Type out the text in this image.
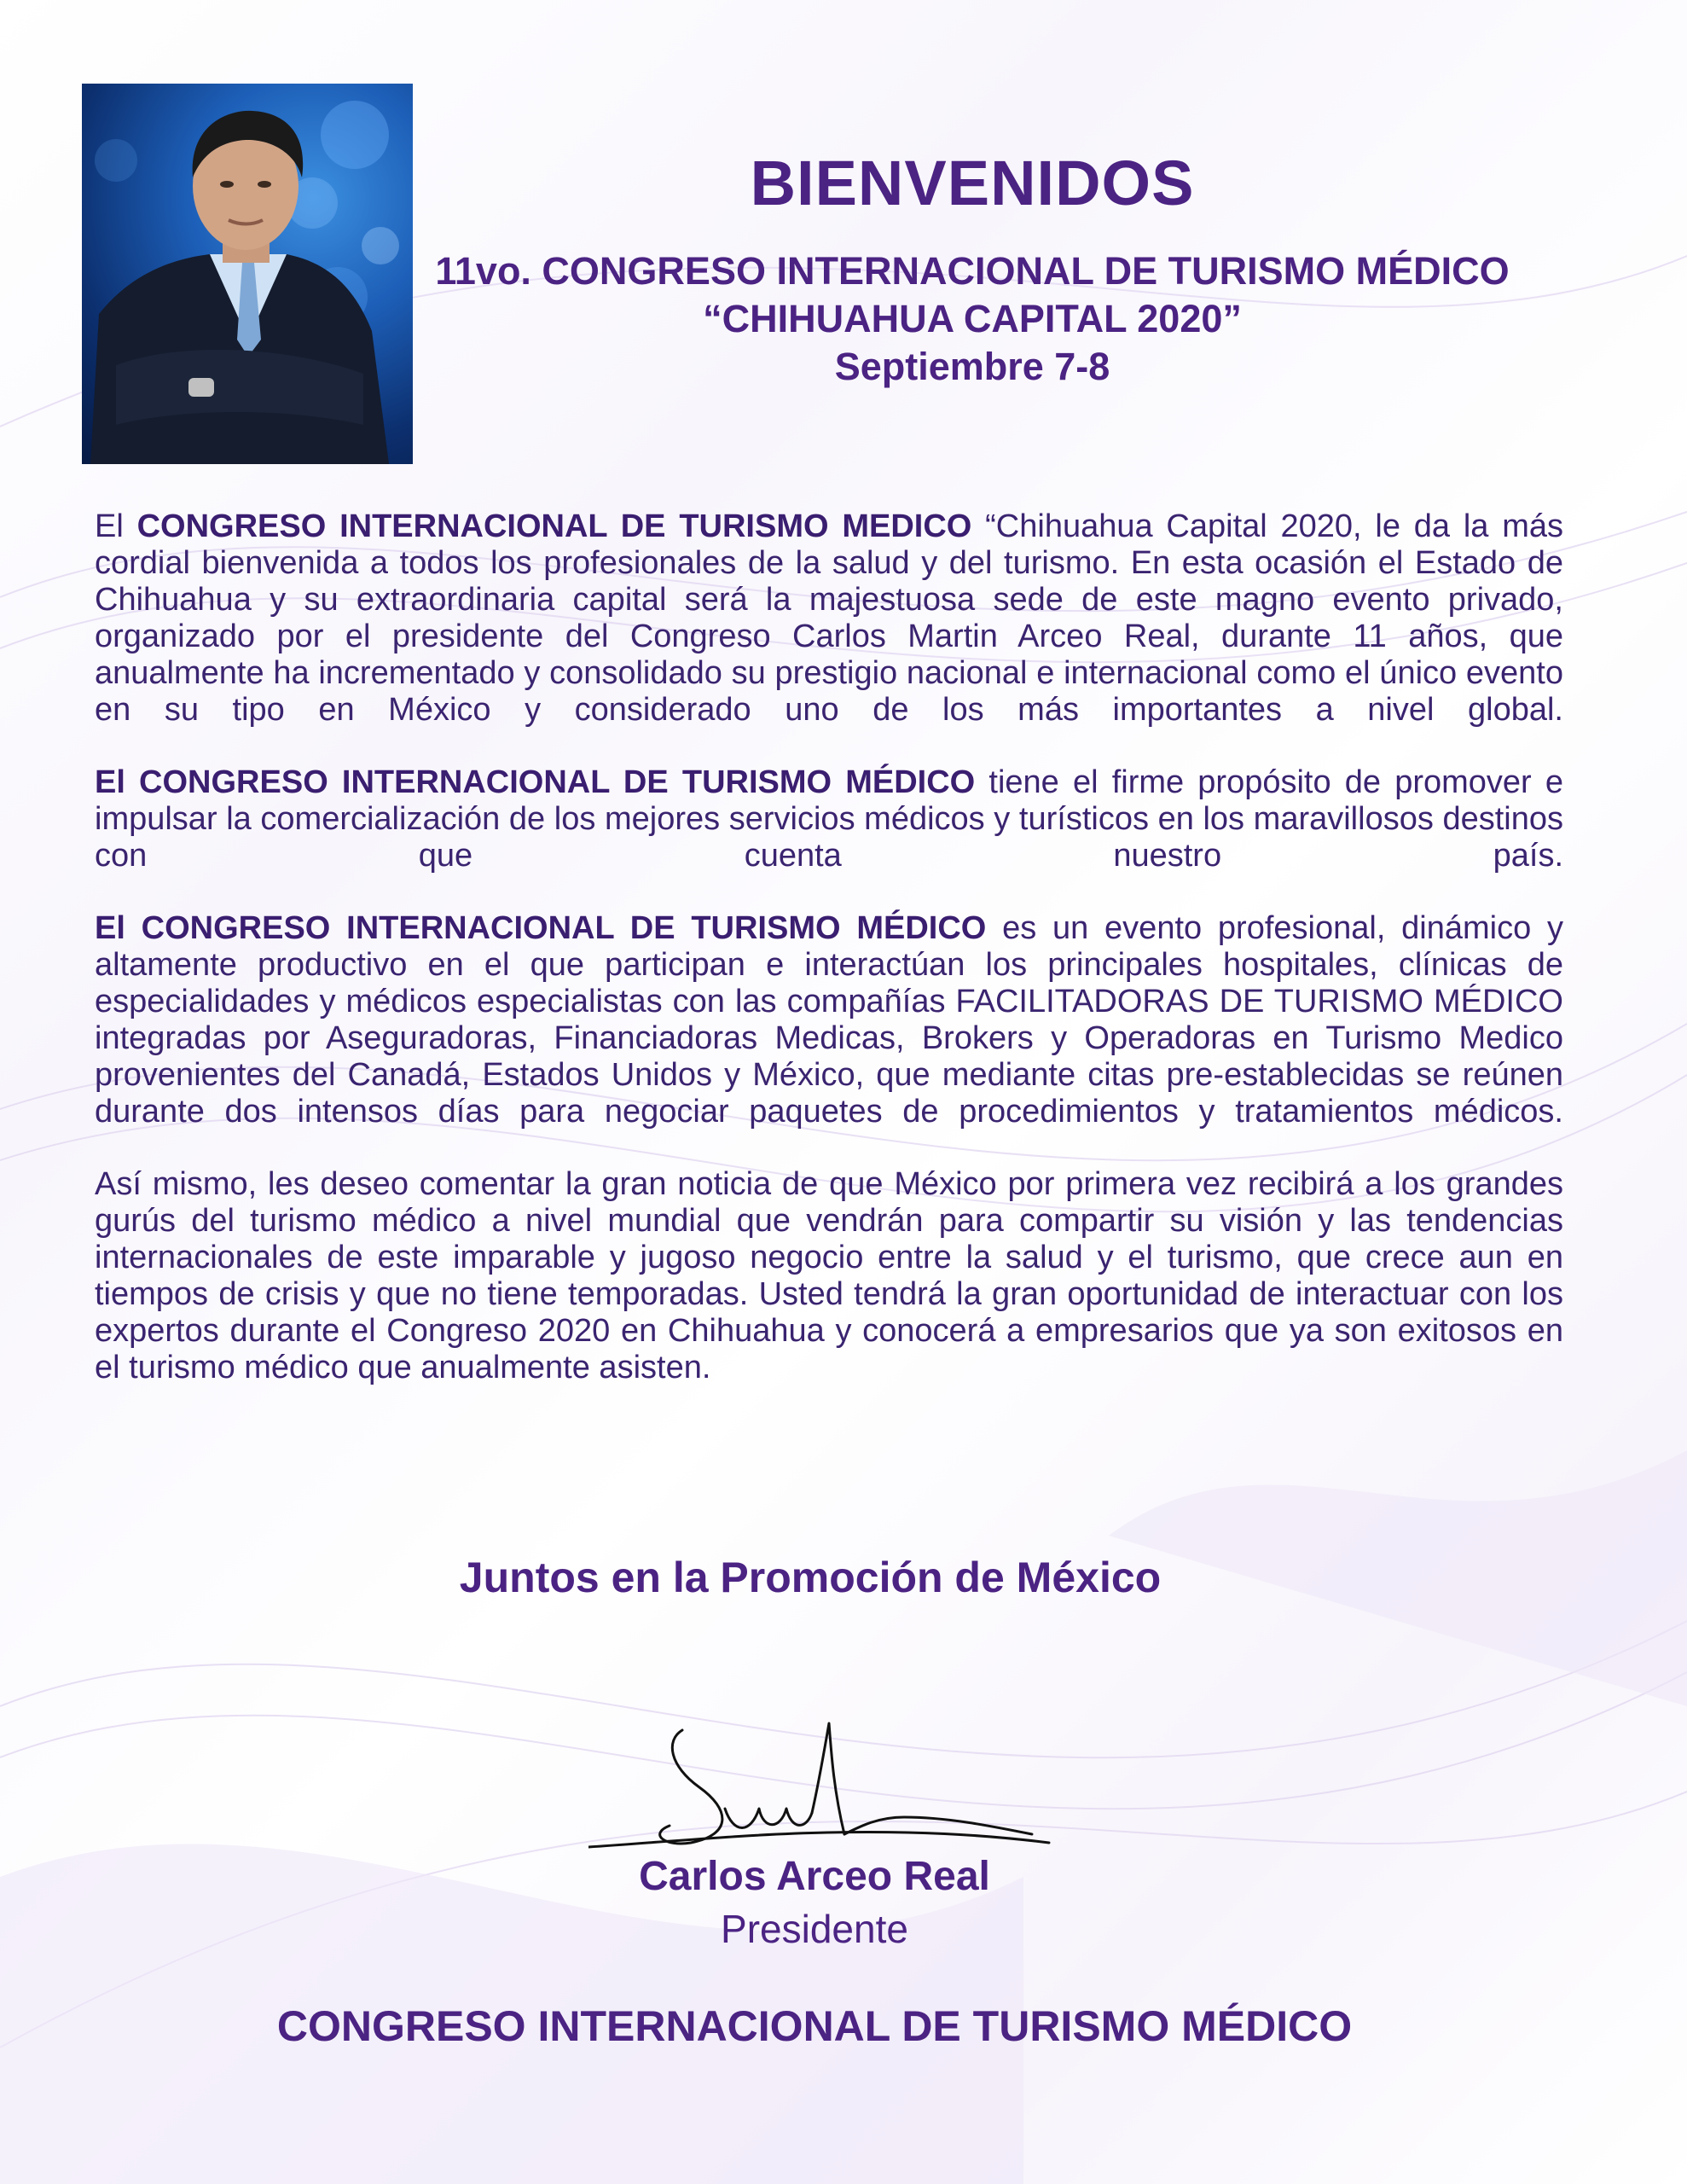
BIENVENIDOS
11vo. CONGRESO INTERNACIONAL DE TURISMO MÉDICO
“CHIHUAHUA CAPITAL 2020”
Septiembre 7-8

El CONGRESO INTERNACIONAL DE TURISMO MEDICO “Chihuahua Capital 2020, le da la más cordial bienvenida a todos los profesionales de la salud y del turismo. En esta ocasión el Estado de Chihuahua y su extraordinaria capital será la majestuosa sede de este magno evento privado, organizado por el presidente del Congreso Carlos Martin Arceo Real, durante 11 años, que anualmente ha incrementado y consolidado su prestigio nacional e internacional como el único evento en su tipo en México y considerado uno de los más importantes a nivel global.

El CONGRESO INTERNACIONAL DE TURISMO MÉDICO tiene el firme propósito de promover e impulsar la comercialización de los mejores servicios médicos y turísticos en los maravillosos destinos con que cuenta nuestro país.

El CONGRESO INTERNACIONAL DE TURISMO MÉDICO es un evento profesional, dinámico y altamente productivo en el que participan e interactúan los principales hospitales, clínicas de especialidades y médicos especialistas con las compañías FACILITADORAS DE TURISMO MÉDICO integradas por Aseguradoras, Financiadoras Medicas, Brokers y Operadoras en Turismo Medico provenientes del Canadá, Estados Unidos y México, que mediante citas pre-establecidas se reúnen durante dos intensos días para negociar paquetes de procedimientos y tratamientos médicos.

Así mismo, les deseo comentar la gran noticia de que México por primera vez recibirá a los grandes gurús del turismo médico a nivel mundial que vendrán para compartir su visión y las tendencias internacionales de este imparable y jugoso negocio entre la salud y el turismo, que crece aun en tiempos de crisis y que no tiene temporadas. Usted tendrá la gran oportunidad de interactuar con los expertos durante el Congreso 2020 en Chihuahua y conocerá a empresarios que ya son exitosos en el turismo médico que anualmente asisten.

Juntos en la Promoción de México
Carlos Arceo Real
Presidente
CONGRESO INTERNACIONAL DE TURISMO MÉDICO
